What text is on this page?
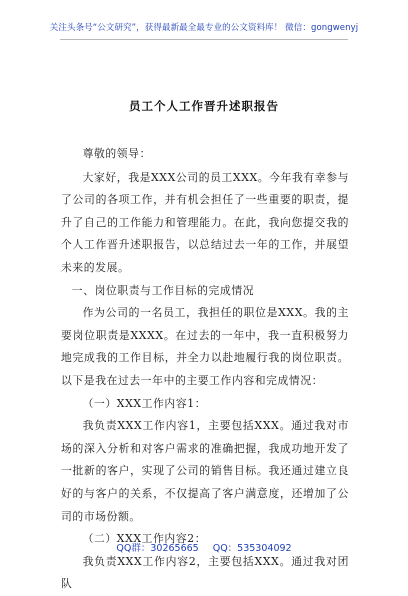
关注头条号“公文研究”，获得最新最全最专业的公文资料库！ 微信：gongwenyj
员工个人工作晋升述职报告

尊敬的领导：

大家好，我是XXX公司的员工XXX。今年我有幸参与了公司的各项工作，并有机会担任了一些重要的职责，提升了自己的工作能力和管理能力。在此，我向您提交我的个人工作晋升述职报告，以总结过去一年的工作，并展望未来的发展。

一、岗位职责与工作目标的完成情况

作为公司的一名员工，我担任的职位是XXX。我的主要岗位职责是XXXX。在过去的一年中，我一直积极努力地完成我的工作目标，并全力以赴地履行我的岗位职责。以下是我在过去一年中的主要工作内容和完成情况：

（一）XXX工作内容1：

我负责XXX工作内容1，主要包括XXX。通过我对市场的深入分析和对客户需求的准确把握，我成功地开发了一批新的客户，实现了公司的销售目标。我还通过建立良好的与客户的关系，不仅提高了客户满意度，还增加了公司的市场份额。

（二）XXX工作内容2：

我负责XXX工作内容2，主要包括XXX。通过我对团队

QQ群：30265665 QQ：535304092
